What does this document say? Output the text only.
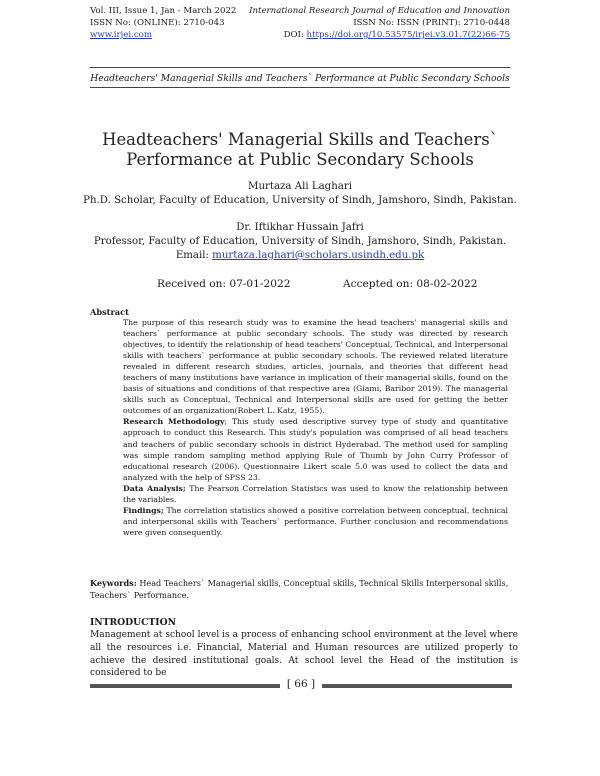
Vol. III, Issue 1, Jan - March 2022
ISSN No: (ONLINE): 2710-043
www.irjei.com
International Research Journal of Education and Innovation
ISSN No: ISSN (PRINT): 2710-0448
DOI: https://doi.org/10.53575/irjei.v3.01.7(22)66-75
Headteachers' Managerial Skills and Teachers` Performance at Public Secondary Schools
Headteachers' Managerial Skills and Teachers`
Performance at Public Secondary Schools
Murtaza Ali Laghari
Ph.D. Scholar, Faculty of Education, University of Sindh, Jamshoro, Sindh, Pakistan.
Dr. Iftikhar Hussain Jafri
Professor, Faculty of Education, University of Sindh, Jamshoro, Sindh, Pakistan.
Email: murtaza.laghari@scholars.usindh.edu.pk
Received on: 07-01-2022	Accepted on: 08-02-2022
Abstract

The purpose of this research study was to examine the head teachers' managerial skills and teachers` performance at public secondary schools. The study was directed by research objectives, to identify the relationship of head teachers' Conceptual, Technical, and Interpersonal skills with teachers` performance at public secondary schools. The reviewed related literature revealed in different research studies, articles, journals, and theories that different head teachers of many institutions have variance in implication of their managerial skills, found on the basis of situations and conditions of that respective area (Giami, Baribor 2019). The managerial skills such as Conceptual, Technical and Interpersonal skills are used for getting the better outcomes of an organization(Robert L. Katz, 1955).

Research Methodology; This study used descriptive survey type of study and quantitative approach to conduct this Research. This study's population was comprised of all head teachers and teachers of public secondary schools in district Hyderabad. The method used for sampling was simple random sampling method applying Rule of Thumb by John Curry Professor of educational research (2006). Questionnaire Likert scale 5.0 was used to collect the data and analyzed with the help of SPSS 23.

Data Analysis; The Pearson Correlation Statistics was used to know the relationship between the variables.

Findings; The correlation statistics showed a positive correlation between conceptual, technical and interpersonal skills with Teachers` performance. Further conclusion and recommendations were given consequently.

Keywords: Head Teachers` Managerial skills, Conceptual skills, Technical Skills Interpersonal skills, Teachers` Performance.
INTRODUCTION
Management at school level is a process of enhancing school environment at the level where all the resources i.e. Financial, Material and Human resources are utilized properly to achieve the desired institutional goals. At school level the Head of the institution is considered to be
[ 66 ]
